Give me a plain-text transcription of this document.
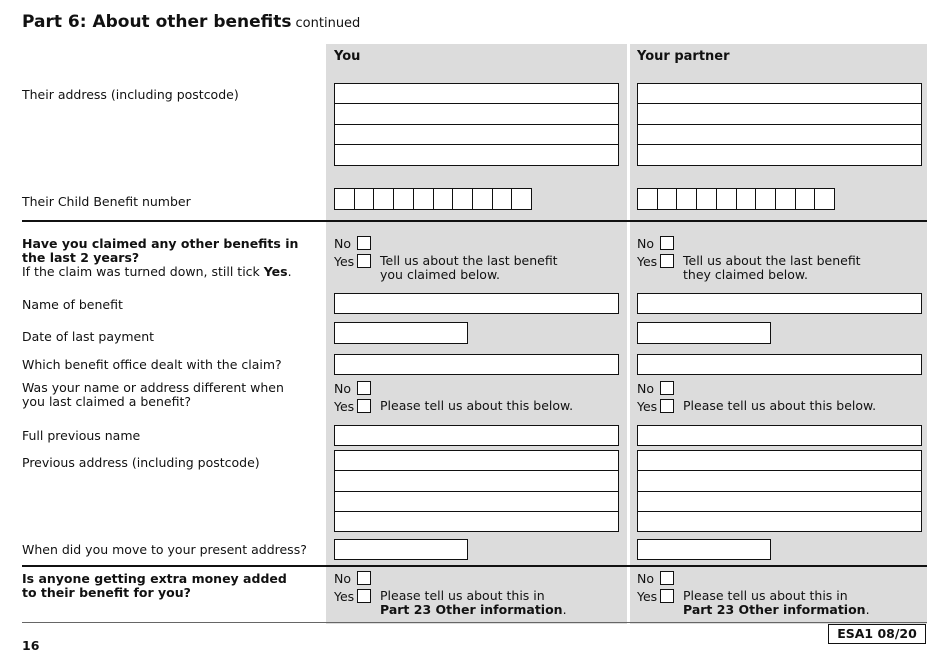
Part 6: About other benefits continued
You	Your partner
Their address (including postcode)
Their Child Benefit number
Have you claimed any other benefits in
the last 2 years?
If the claim was turned down, still tick Yes.
Name of benefit
Date of last payment
Which benefit office dealt with the claim?
Was your name or address different when
you last claimed a benefit?
Full previous name
Previous address (including postcode)
When did you move to your present address?
Is anyone getting extra money added
to their benefit for you?
No
Yes Tell us about the last benefit
you claimed below.
No
Yes Please tell us about this below.
No
Yes Please tell us about this in
Part 23 Other information.
No
Yes Tell us about the last benefit
they claimed below.
No
Yes Please tell us about this below.
No
Yes Please tell us about this in
Part 23 Other information.
16
ESA1 08/20
